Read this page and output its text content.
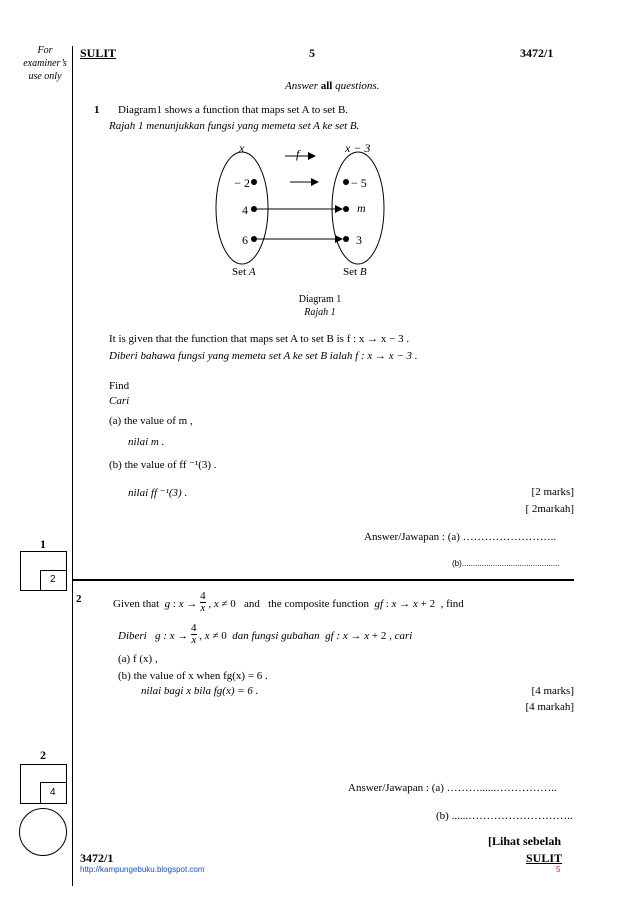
For
examiner’s
use only
SULIT	5	3472/1
Answer all questions.
1 Diagram1 shows a function that maps set A to set B.
Rajah 1 menunjukkan fungsi yang memeta set A ke set B.
x	f	x − 3
− 2
4
6
− 5
m
3
Set A	Set B
Diagram 1
Rajah 1
It is given that the function that maps set A to set B is f : x → x − 3 .
Diberi bahawa fungsi yang memeta set A ke set B ialah f : x → x − 3 .
Find
Cari
(a) the value of m ,
nilai m .
(b) the value of ff ⁻¹(3) .
nilai ff ⁻¹(3) .	[2 marks]
[ 2markah]
Answer/Jawapan : (a) ……………………..
(b)............................................
1
2
2	Given that  g : $x \to \frac{4}{x}$ , x ≠ 0   and   the composite function  gf : x → x + 2  , find
Diberi   g : $x \to \frac{4}{x}$ , x ≠ 0  dan fungsi gubahan  gf : x → x + 2 , cari
(a) f (x) ,
(b) the value of x when fg(x) = 6 .
nilai bagi x bila fg(x) = 6 .	[4 marks]
[4 markah]
Answer/Jawapan : (a) ………......……………..
(b) ......………………………..
2
4
[Lihat sebelah
3472/1	SULIT
http://kampungebuku.blogspot.com	5
